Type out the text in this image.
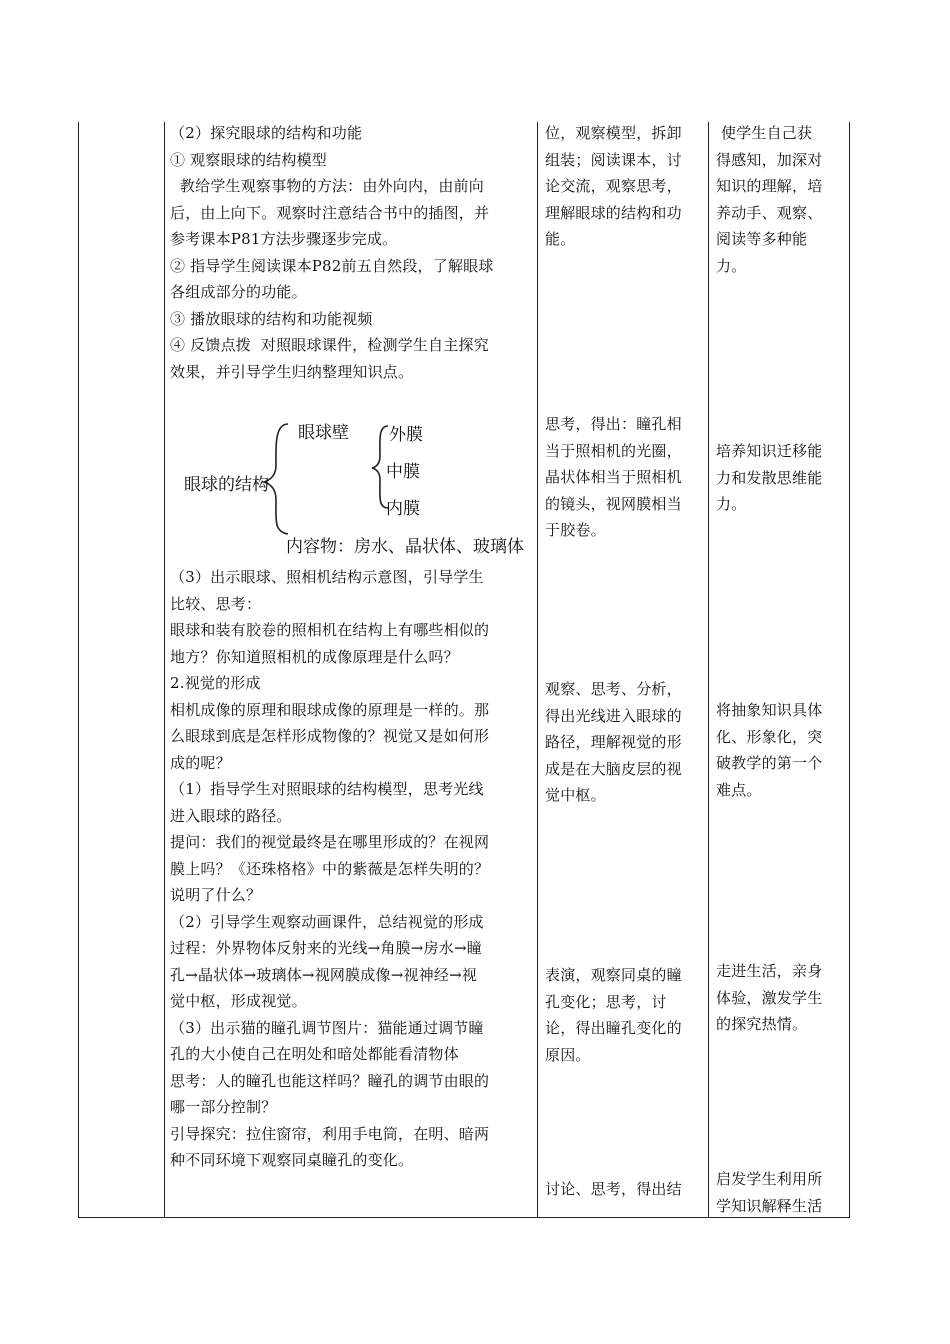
（2）探究眼球的结构和功能
① 观察眼球的结构模型
教给学生观察事物的方法：由外向内，由前向
后，由上向下。观察时注意结合书中的插图，并
参考课本P81方法步骤逐步完成。
② 指导学生阅读课本P82前五自然段，了解眼球
各组成部分的功能。
③ 播放眼球的结构和功能视频
④ 反馈点拨  对照眼球课件，检测学生自主探究
效果，并引导学生归纳整理知识点。
眼球的结构
眼球壁 外膜
中膜
内膜
内容物：房水、晶状体、玻璃体
（3）出示眼球、照相机结构示意图，引导学生
比较、思考：
眼球和装有胶卷的照相机在结构上有哪些相似的
地方？你知道照相机的成像原理是什么吗？
2.视觉的形成
相机成像的原理和眼球成像的原理是一样的。那
么眼球到底是怎样形成物像的？视觉又是如何形
成的呢？
（1）指导学生对照眼球的结构模型，思考光线
进入眼球的路径。
提问：我们的视觉最终是在哪里形成的？在视网
膜上吗？《还珠格格》中的紫薇是怎样失明的？
说明了什么？
（2）引导学生观察动画课件，总结视觉的形成
过程：外界物体反射来的光线→角膜→房水→瞳
孔→晶状体→玻璃体→视网膜成像→视神经→视
觉中枢，形成视觉。
（3）出示猫的瞳孔调节图片：猫能通过调节瞳
孔的大小使自己在明处和暗处都能看清物体
思考：人的瞳孔也能这样吗？瞳孔的调节由眼的
哪一部分控制？
引导探究：拉住窗帘，利用手电筒，在明、暗两
种不同环境下观察同桌瞳孔的变化。
位，观察模型，拆卸
组装；阅读课本，讨
论交流，观察思考，
理解眼球的结构和功
能。
思考，得出：瞳孔相
当于照相机的光圈，
晶状体相当于照相机
的镜头，视网膜相当
于胶卷。
观察、思考、分析，
得出光线进入眼球的
路径，理解视觉的形
成是在大脑皮层的视
觉中枢。
表演，观察同桌的瞳
孔变化；思考，讨
论，得出瞳孔变化的
原因。
讨论、思考，得出结
使学生自己获
得感知，加深对
知识的理解，培
养动手、观察、
阅读等多种能
力。
培养知识迁移能
力和发散思维能
力。
将抽象知识具体
化、形象化，突
破教学的第一个
难点。
走进生活，亲身
体验，激发学生
的探究热情。
启发学生利用所
学知识解释生活
